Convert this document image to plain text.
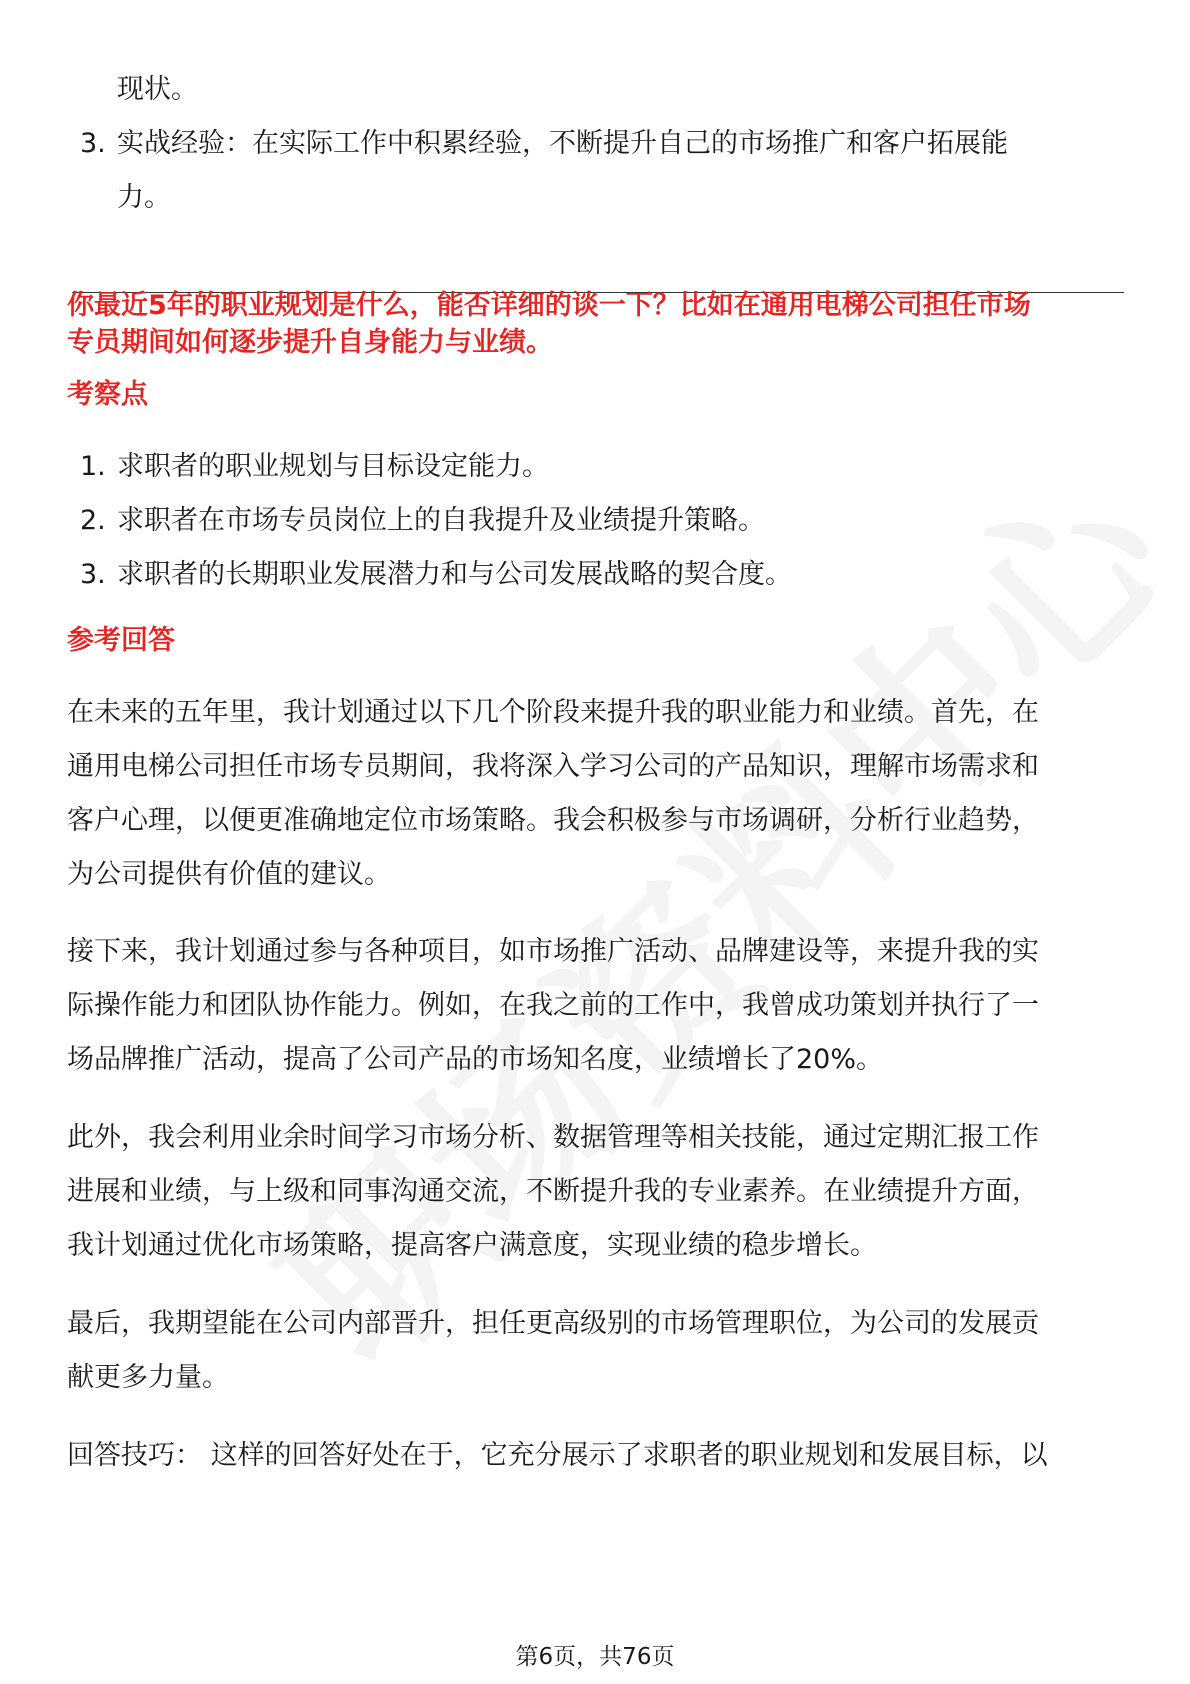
现状。
3. 实战经验：在实际工作中积累经验，不断提升自己的市场推广和客户拓展能
力。
你最近5年的职业规划是什么，能否详细的谈一下？比如在通用电梯公司担任市场
专员期间如何逐步提升自身能力与业绩。
考察点
1. 求职者的职业规划与目标设定能力。
2. 求职者在市场专员岗位上的自我提升及业绩提升策略。
3. 求职者的长期职业发展潜力和与公司发展战略的契合度。
参考回答
在未来的五年里，我计划通过以下几个阶段来提升我的职业能力和业绩。首先，在
通用电梯公司担任市场专员期间，我将深入学习公司的产品知识，理解市场需求和
客户心理，以便更准确地定位市场策略。我会积极参与市场调研，分析行业趋势，
为公司提供有价值的建议。
接下来，我计划通过参与各种项目，如市场推广活动、品牌建设等，来提升我的实
际操作能力和团队协作能力。例如，在我之前的工作中，我曾成功策划并执行了一
场品牌推广活动，提高了公司产品的市场知名度，业绩增长了20%。
此外，我会利用业余时间学习市场分析、数据管理等相关技能，通过定期汇报工作
进展和业绩，与上级和同事沟通交流，不断提升我的专业素养。在业绩提升方面，
我计划通过优化市场策略，提高客户满意度，实现业绩的稳步增长。
最后，我期望能在公司内部晋升，担任更高级别的市场管理职位，为公司的发展贡
献更多力量。
回答技巧： 这样的回答好处在于，它充分展示了求职者的职业规划和发展目标，以
第6页，共76页
